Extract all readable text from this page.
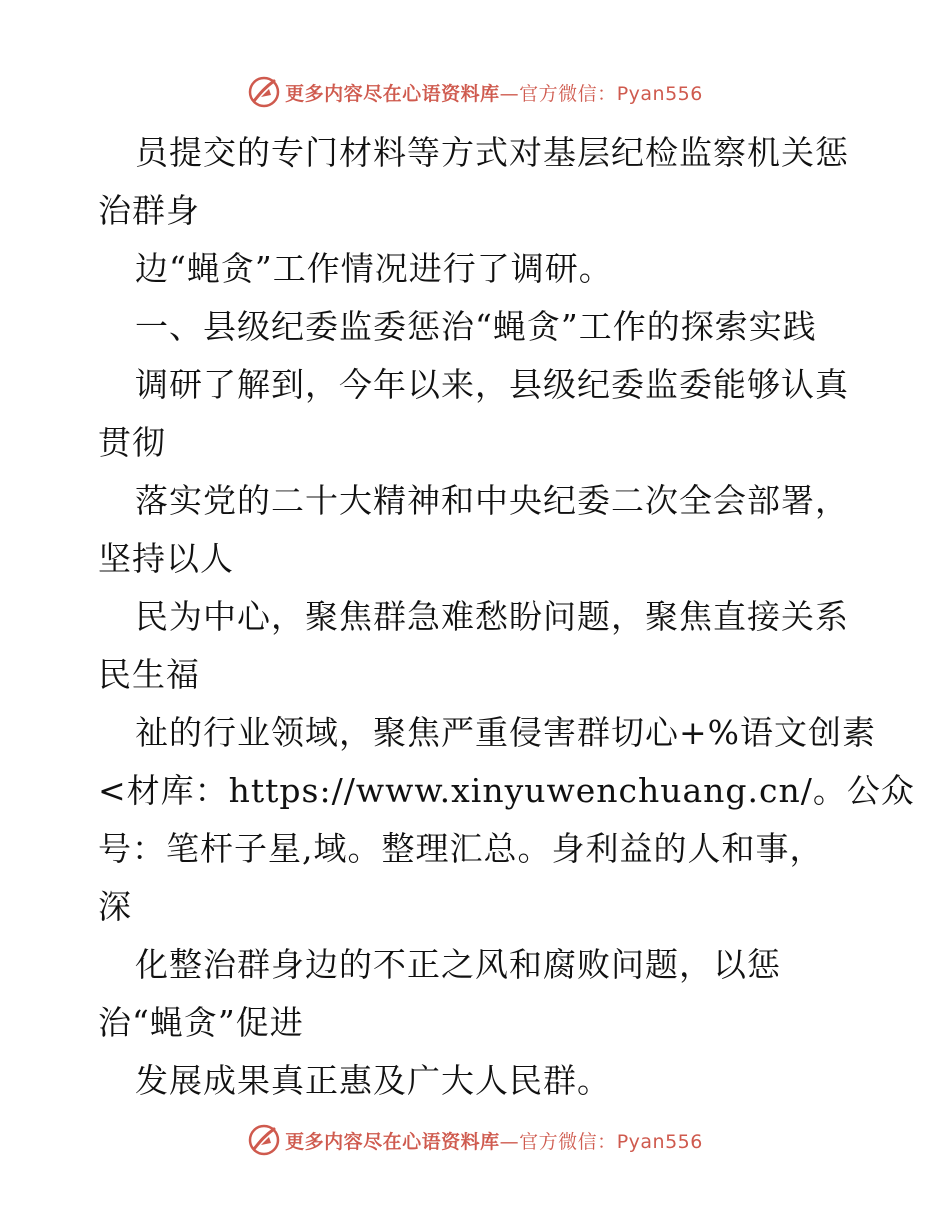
更多内容尽在心语资料库—官方微信：Pyan556
员提交的专门材料等方式对基层纪检监察机关惩
治群身
边“蝇贪”工作情况进行了调研。
一、县级纪委监委惩治“蝇贪”工作的探索实践
调研了解到，今年以来，县级纪委监委能够认真
贯彻
落实党的二十大精神和中央纪委二次全会部署，
坚持以人
民为中心，聚焦群急难愁盼问题，聚焦直接关系
民生福
祉的行业领域，聚焦严重侵害群切心+%语文创素
<材库：https://www.xinyuwenchuang.cn/。公众
号：笔杆子星,域。整理汇总。身利益的人和事，
深
化整治群身边的不正之风和腐败问题，以惩
治“蝇贪”促进
发展成果真正惠及广大人民群。
更多内容尽在心语资料库—官方微信：Pyan556
